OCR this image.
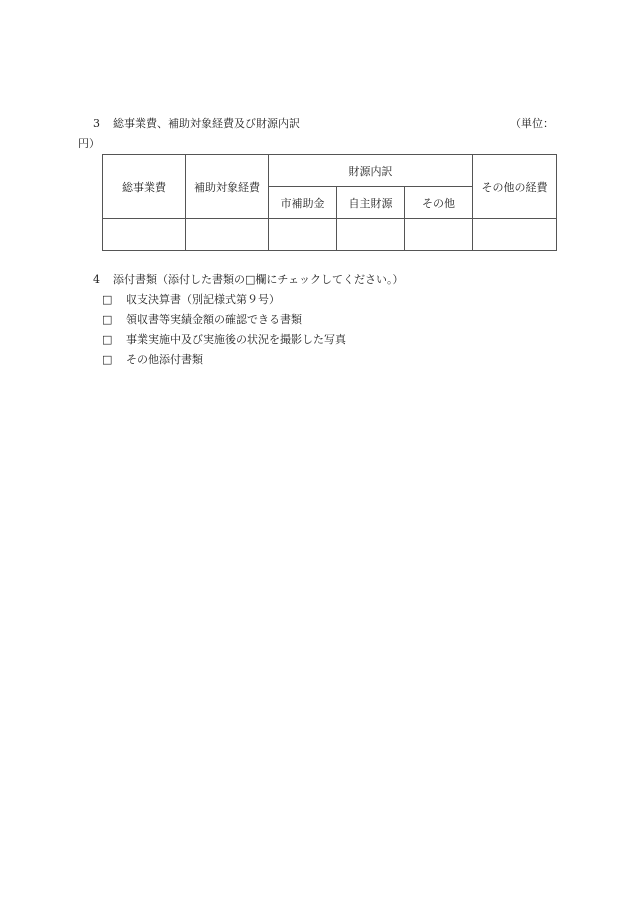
3 総事業費、補助対象経費及び財源内訳	（単位：
円）
総事業費	補助対象経費	財源内訳			その他の経費
		市補助金	自主財源	その他	

4 添付書類（添付した書類の□欄にチェックしてください。）
□ 収支決算書（別記様式第９号）
□ 領収書等実績金額の確認できる書類
□ 事業実施中及び実施後の状況を撮影した写真
□ その他添付書類
